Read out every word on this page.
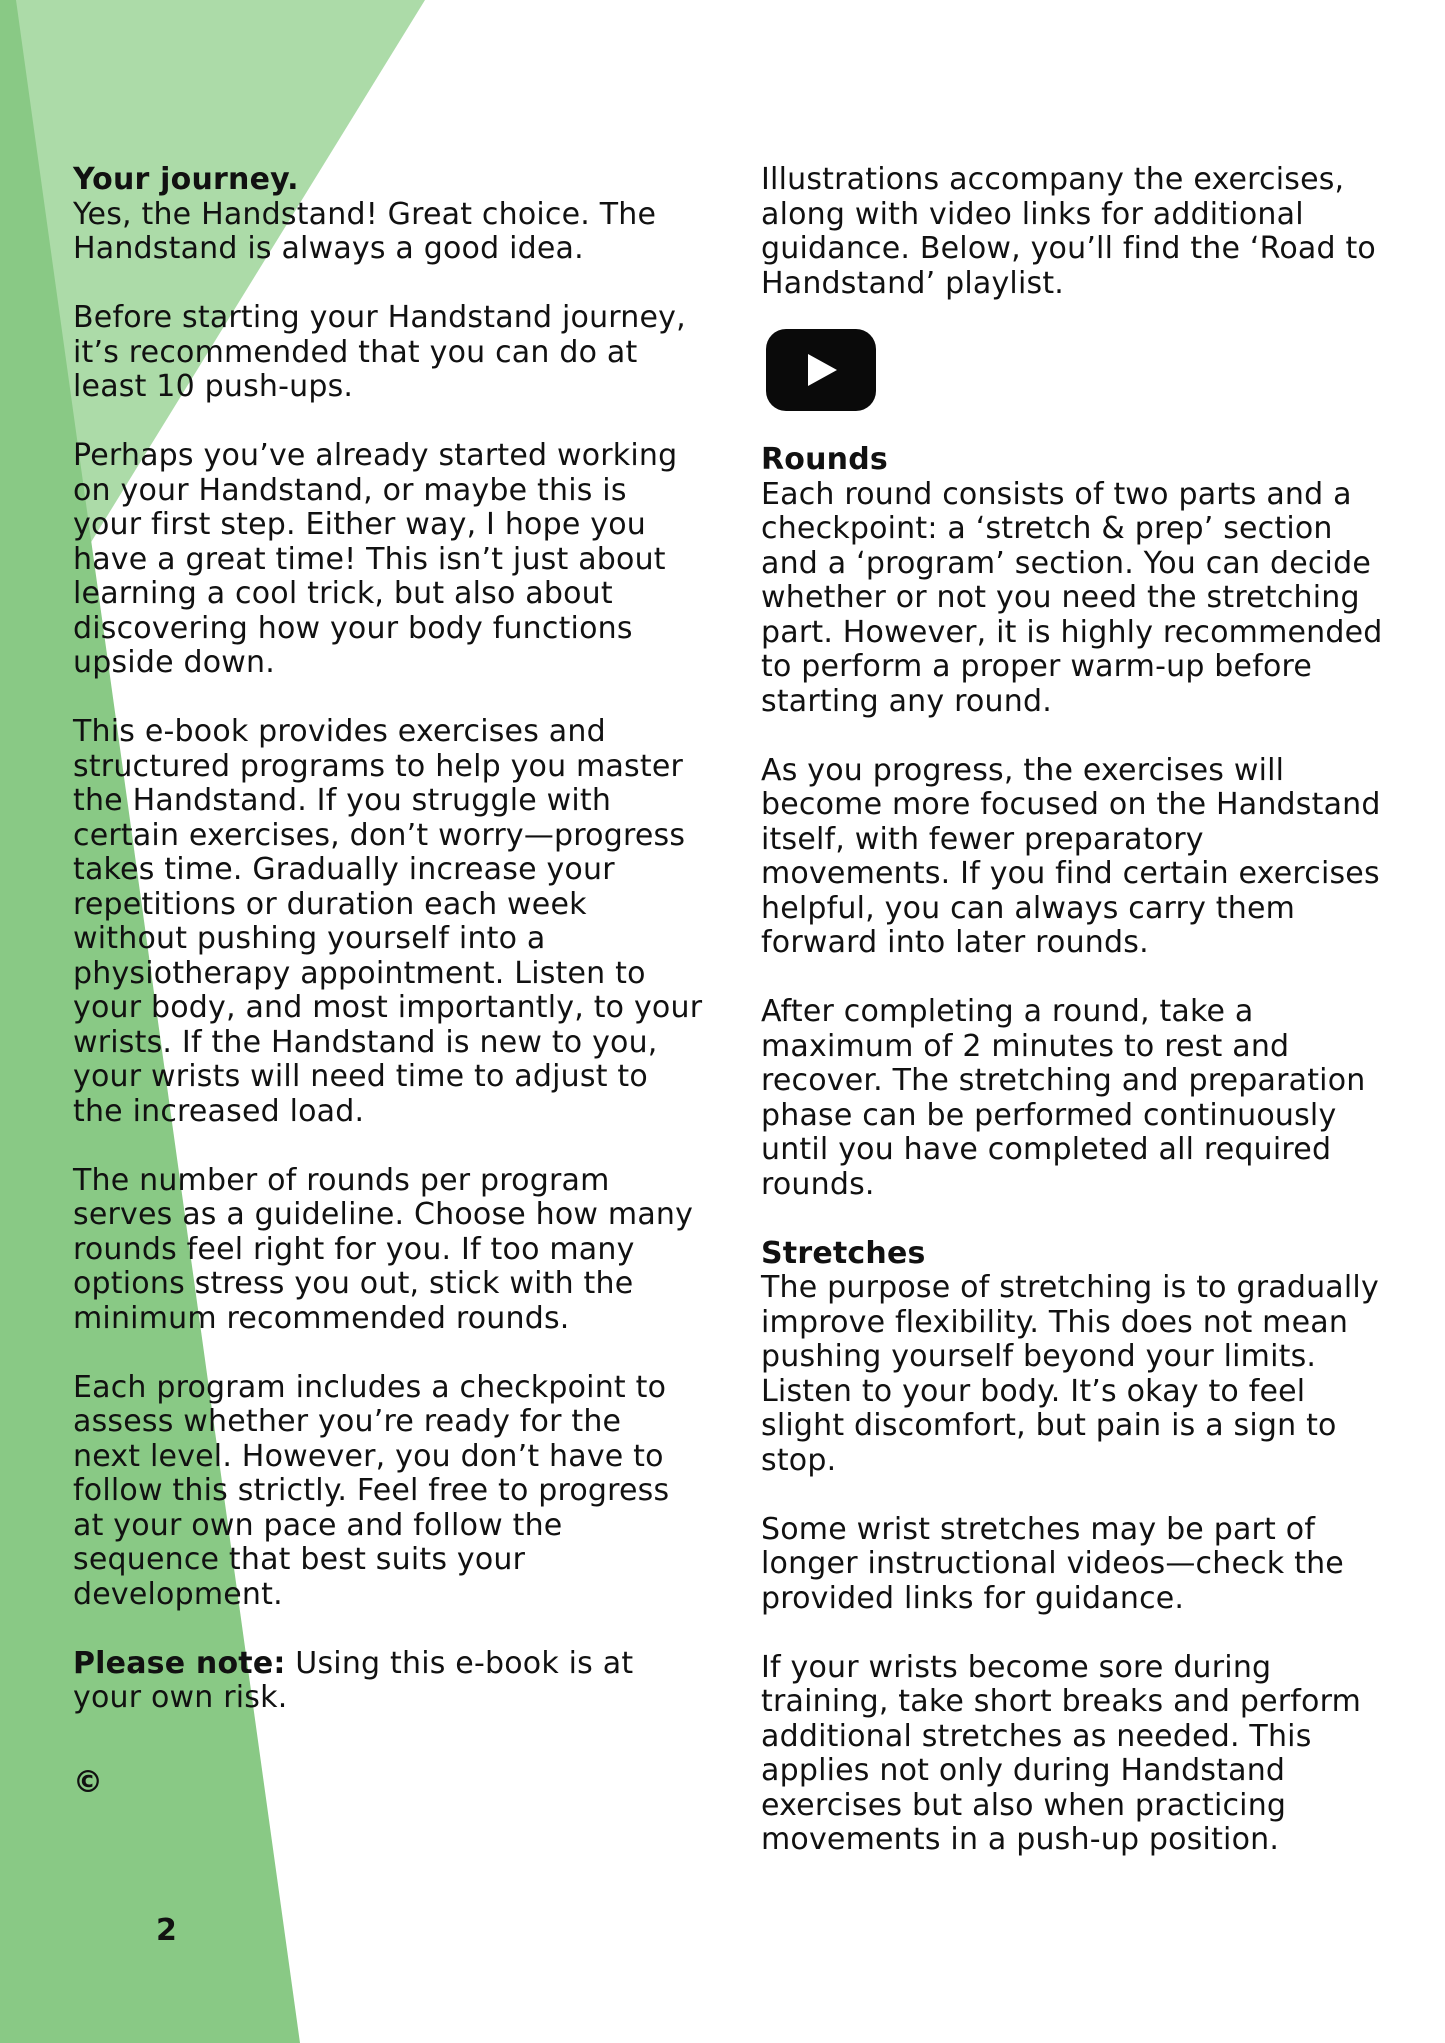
Your journey.
Yes, the Handstand! Great choice. The
Handstand is always a good idea.
Before starting your Handstand journey,
it’s recommended that you can do at
least 10 push-ups.
Perhaps you’ve already started working
on your Handstand, or maybe this is
your first step. Either way, I hope you
have a great time! This isn’t just about
learning a cool trick, but also about
discovering how your body functions
upside down.
This e-book provides exercises and
structured programs to help you master
the Handstand. If you struggle with
certain exercises, don’t worry—progress
takes time. Gradually increase your
repetitions or duration each week
without pushing yourself into a
physiotherapy appointment. Listen to
your body, and most importantly, to your
wrists. If the Handstand is new to you,
your wrists will need time to adjust to
the increased load.
The number of rounds per program
serves as a guideline. Choose how many
rounds feel right for you. If too many
options stress you out, stick with the
minimum recommended rounds.
Each program includes a checkpoint to
assess whether you’re ready for the
next level. However, you don’t have to
follow this strictly. Feel free to progress
at your own pace and follow the
sequence that best suits your
development.
Please note: Using this e-book is at
your own risk.
©
Illustrations accompany the exercises,
along with video links for additional
guidance. Below, you’ll find the ‘Road to
Handstand’ playlist.
Rounds
Each round consists of two parts and a
checkpoint: a ‘stretch & prep’ section
and a ‘program’ section. You can decide
whether or not you need the stretching
part. However, it is highly recommended
to perform a proper warm-up before
starting any round.
As you progress, the exercises will
become more focused on the Handstand
itself, with fewer preparatory
movements. If you find certain exercises
helpful, you can always carry them
forward into later rounds.
After completing a round, take a
maximum of 2 minutes to rest and
recover. The stretching and preparation
phase can be performed continuously
until you have completed all required
rounds.
Stretches
The purpose of stretching is to gradually
improve flexibility. This does not mean
pushing yourself beyond your limits.
Listen to your body. It’s okay to feel
slight discomfort, but pain is a sign to
stop.
Some wrist stretches may be part of
longer instructional videos—check the
provided links for guidance.
If your wrists become sore during
training, take short breaks and perform
additional stretches as needed. This
applies not only during Handstand
exercises but also when practicing
movements in a push-up position.
2
